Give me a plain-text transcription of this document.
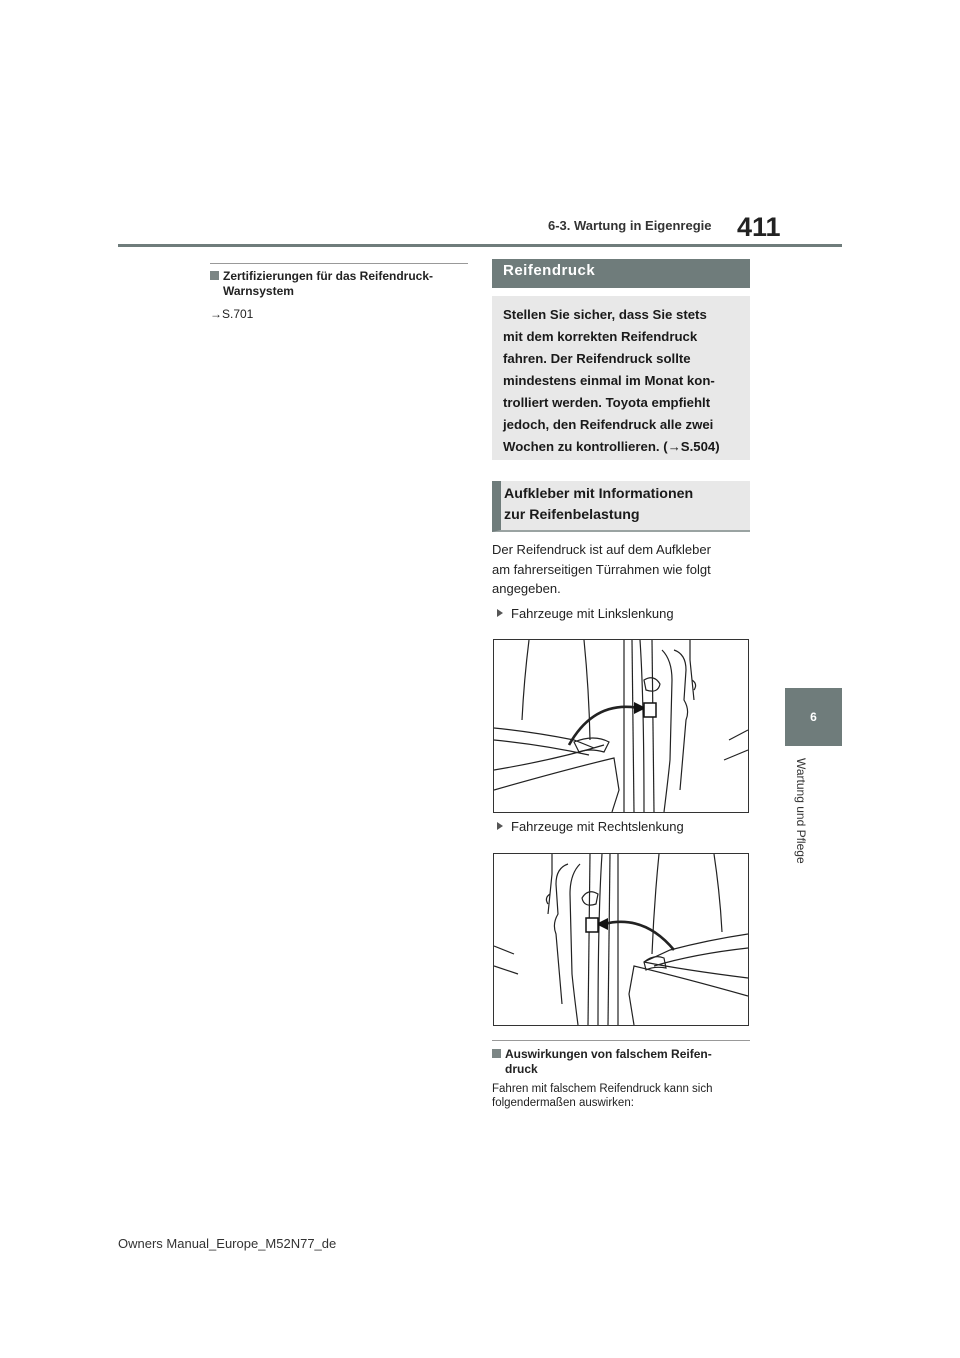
6-3. Wartung in Eigenregie 411
6
Wartung und Pflege
Zertifizierungen für das Reifendruck-
Warnsystem
→S.701
Reifendruck
Stellen Sie sicher, dass Sie stets
mit dem korrekten Reifendruck
fahren. Der Reifendruck sollte
mindestens einmal im Monat kon-
trolliert werden. Toyota empfiehlt
jedoch, den Reifendruck alle zwei
Wochen zu kontrollieren. (→S.504)
Aufkleber mit Informationen
zur Reifenbelastung
Der Reifendruck ist auf dem Aufkleber
am fahrerseitigen Türrahmen wie folgt
angegeben.
Fahrzeuge mit Linkslenkung
Fahrzeuge mit Rechtslenkung
Auswirkungen von falschem Reifen-
druck
Fahren mit falschem Reifendruck kann sich
folgendermaßen auswirken:
Owners Manual_Europe_M52N77_de
